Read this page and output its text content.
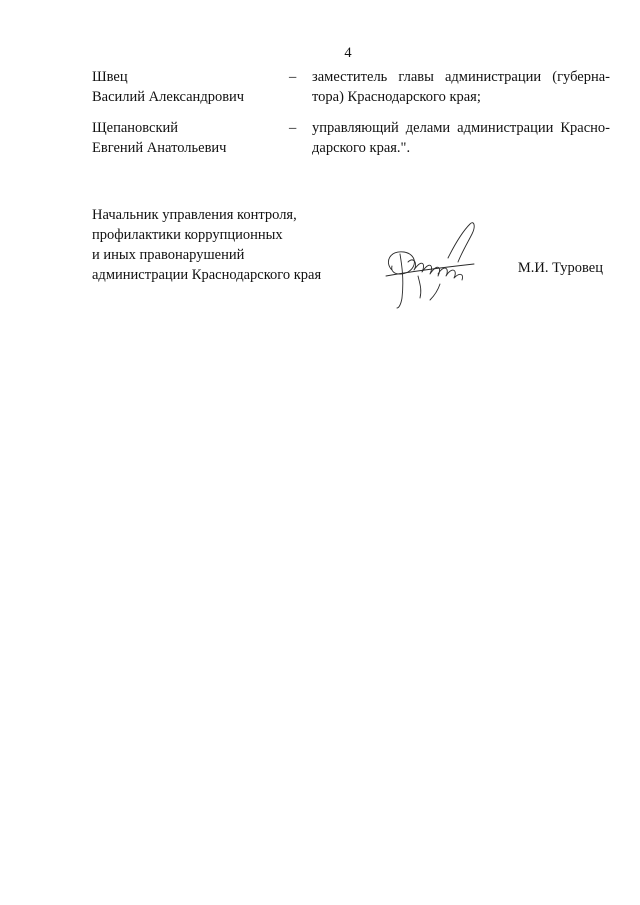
4
Швец
Василий Александрович
– заместитель главы администрации (губерна-
тора) Краснодарского края;
Щепановский
Евгений Анатольевич
– управляющий делами администрации Красно-
дарского края.".
Начальник управления контроля,
профилактики коррупционных
и иных правонарушений
администрации Краснодарского края	М.И. Туровец
